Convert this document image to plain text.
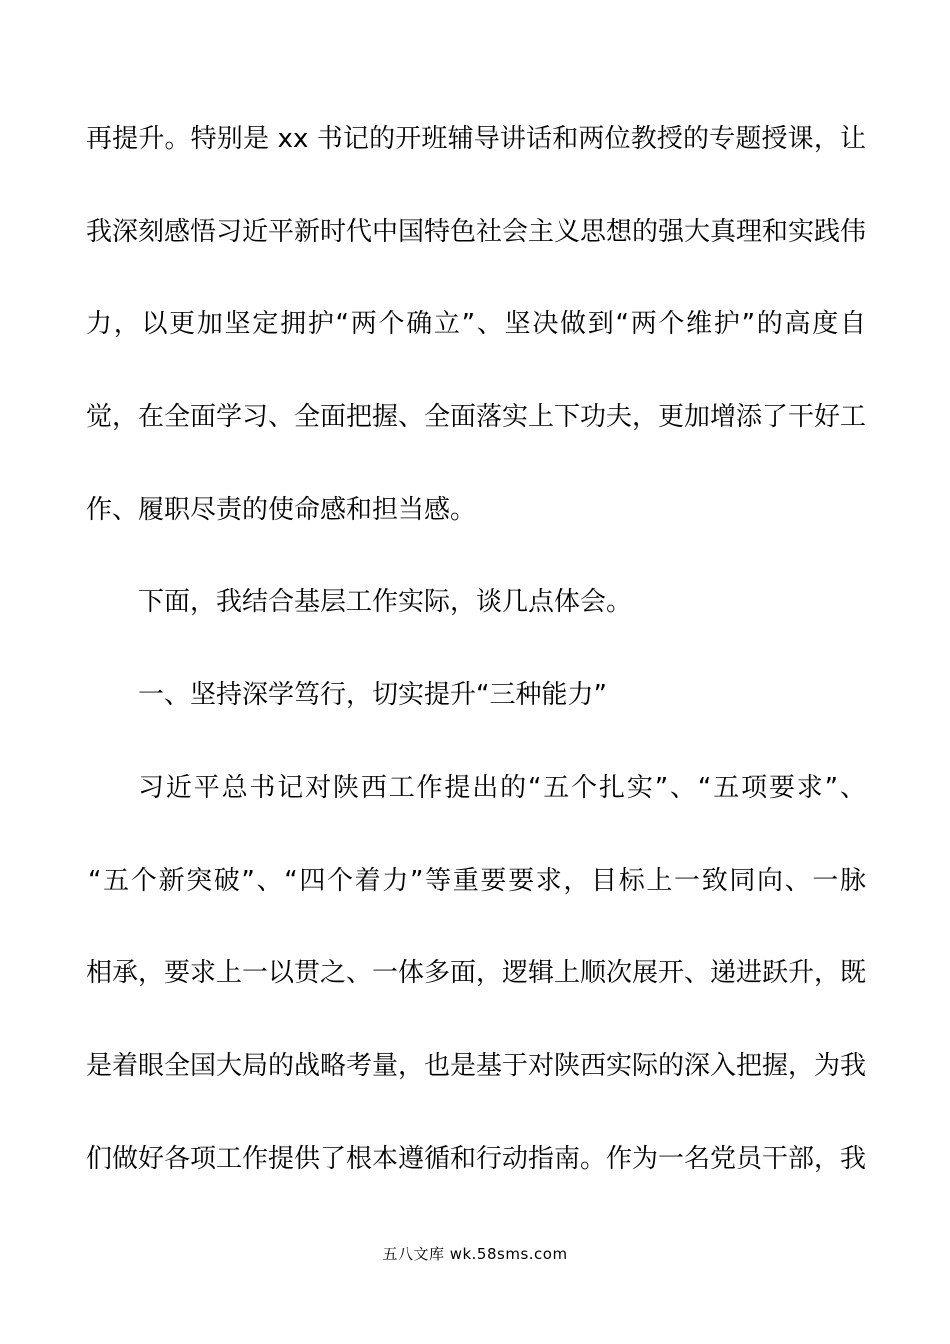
再提升。特别是 xx 书记的开班辅导讲话和两位教授的专题授课，让
我深刻感悟习近平新时代中国特色社会主义思想的强大真理和实践伟
力，以更加坚定拥护“两个确立”、坚决做到“两个维护”的高度自
觉，在全面学习、全面把握、全面落实上下功夫，更加增添了干好工
作、履职尽责的使命感和担当感。
下面，我结合基层工作实际，谈几点体会。
一、坚持深学笃行，切实提升“三种能力”
习近平总书记对陕西工作提出的“五个扎实”、“五项要求”、
“五个新突破”、“四个着力”等重要要求，目标上一致同向、一脉
相承，要求上一以贯之、一体多面，逻辑上顺次展开、递进跃升，既
是着眼全国大局的战略考量，也是基于对陕西实际的深入把握，为我
们做好各项工作提供了根本遵循和行动指南。作为一名党员干部，我
五八文库 wk.58sms.com
